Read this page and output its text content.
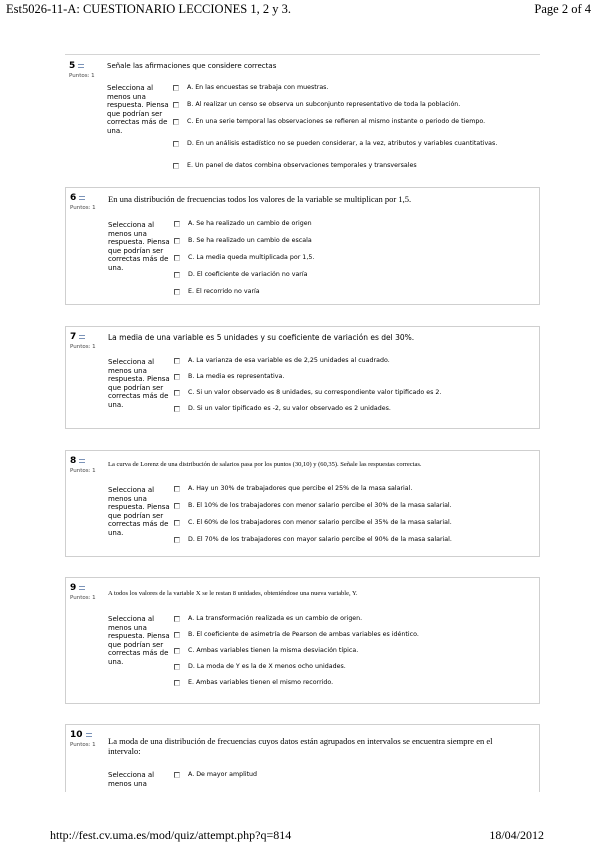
Est5026-11-A: CUESTIONARIO LECCIONES 1, 2 y 3.	Page 2 of 4
5
Puntos: 1
Señale las afirmaciones que considere correctas
Selecciona al menos una respuesta. Piensa que podrían ser correctas más de una.
A. En las encuestas se trabaja con muestras.
B. Al realizar un censo se observa un subconjunto representativo de toda la población.
C. En una serie temporal las observaciones se refieren al mismo instante o periodo de tiempo.
D. En un análisis estadístico no se pueden considerar, a la vez, atributos y variables cuantitativas.
E. Un panel de datos combina observaciones temporales y transversales
6
Puntos: 1
En una distribución de frecuencias todos los valores de la variable se multiplican por 1,5.
Selecciona al menos una respuesta. Piensa que podrían ser correctas más de una.
A. Se ha realizado un cambio de origen
B. Se ha realizado un cambio de escala
C. La media queda multiplicada por 1,5.
D. El coeficiente de variación no varía
E. El recorrido no varía
7
Puntos: 1
La media de una variable es 5 unidades y su coeficiente de variación es del 30%.
Selecciona al menos una respuesta. Piensa que podrían ser correctas más de una.
A. La varianza de esa variable es de 2,25 unidades al cuadrado.
B. La media es representativa.
C. Si un valor observado es 8 unidades, su correspondiente valor tipificado es 2.
D. Si un valor tipificado es -2, su valor observado es 2 unidades.
8
Puntos: 1
La curva de Lorenz de una distribución de salarios pasa por los puntos (30,10) y (60,35). Señale las respuestas correctas.
Selecciona al menos una respuesta. Piensa que podrían ser correctas más de una.
A. Hay un 30% de trabajadores que percibe el 25% de la masa salarial.
B. El 10% de los trabajadores con menor salario percibe el 30% de la masa salarial.
C. El 60% de los trabajadores con menor salario percibe el 35% de la masa salarial.
D. El 70% de los trabajadores con mayor salario percibe el 90% de la masa salarial.
9
Puntos: 1
A todos los valores de la variable X se le restan 8 unidades, obteniéndose una nueva variable, Y.
Selecciona al menos una respuesta. Piensa que podrían ser correctas más de una.
A. La transformación realizada es un cambio de origen.
B. El coeficiente de asimetría de Pearson de ambas variables es idéntico.
C. Ambas variables tienen la misma desviación típica.
D. La moda de Y es la de X menos ocho unidades.
E. Ambas variables tienen el mismo recorrido.
10
Puntos: 1 La moda de una distribución de frecuencias cuyos datos están agrupados en intervalos se encuentra siempre en el intervalo:
Selecciona al menos una
A. De mayor amplitud
http://fest.cv.uma.es/mod/quiz/attempt.php?q=814	18/04/2012
